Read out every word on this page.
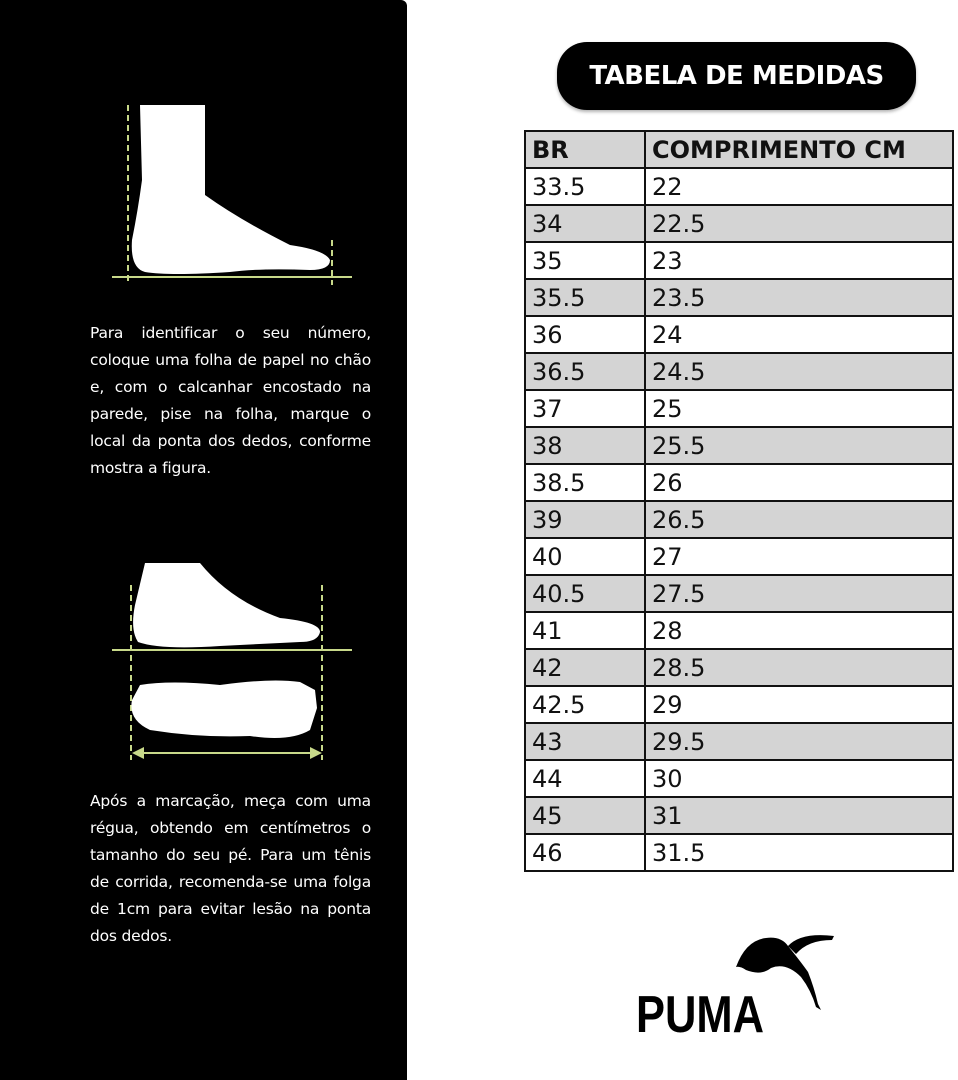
Para identificar o seu número, coloque uma folha de papel no chão e, com o calcanhar encostado na parede, pise na folha, marque o local da ponta dos dedos, conforme mostra a figura.
Após a marcação, meça com uma régua, obtendo em centímetros o tamanho do seu pé. Para um tênis de corrida, recomenda-se uma folga de 1cm para evitar lesão na ponta dos dedos.
TABELA DE MEDIDAS
BR	COMPRIMENTO CM
33.5	22
34	22.5
35	23
35.5	23.5
36	24
36.5	24.5
37	25
38	25.5
38.5	26
39	26.5
40	27
40.5	27.5
41	28
42	28.5
42.5	29
43	29.5
44	30
45	31
46	31.5
PUMA
